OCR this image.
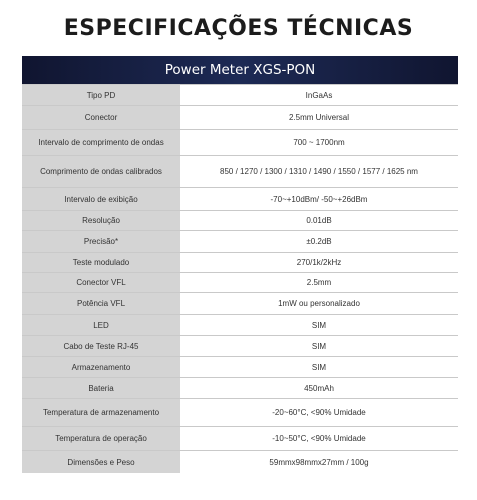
ESPECIFICAÇÕES TÉCNICAS
Power Meter XGS-PON
Tipo PD	InGaAs
Conector	2.5mm Universal
Intervalo de comprimento de ondas	700 ~ 1700nm
Comprimento de ondas calibrados	850 / 1270 / 1300 / 1310 / 1490 / 1550 / 1577 / 1625 nm
Intervalo de exibição	-70~+10dBm/ -50~+26dBm
Resolução	0.01dB
Precisão*	±0.2dB
Teste modulado	270/1k/2kHz
Conector VFL	2.5mm
Potência VFL	1mW ou personalizado
LED	SIM
Cabo de Teste RJ-45	SIM
Armazenamento	SIM
Bateria	450mAh
Temperatura de armazenamento	-20~60°C, <90% Umidade
Temperatura de operação	-10~50°C, <90% Umidade
Dimensões e Peso	59mmx98mmx27mm / 100g
